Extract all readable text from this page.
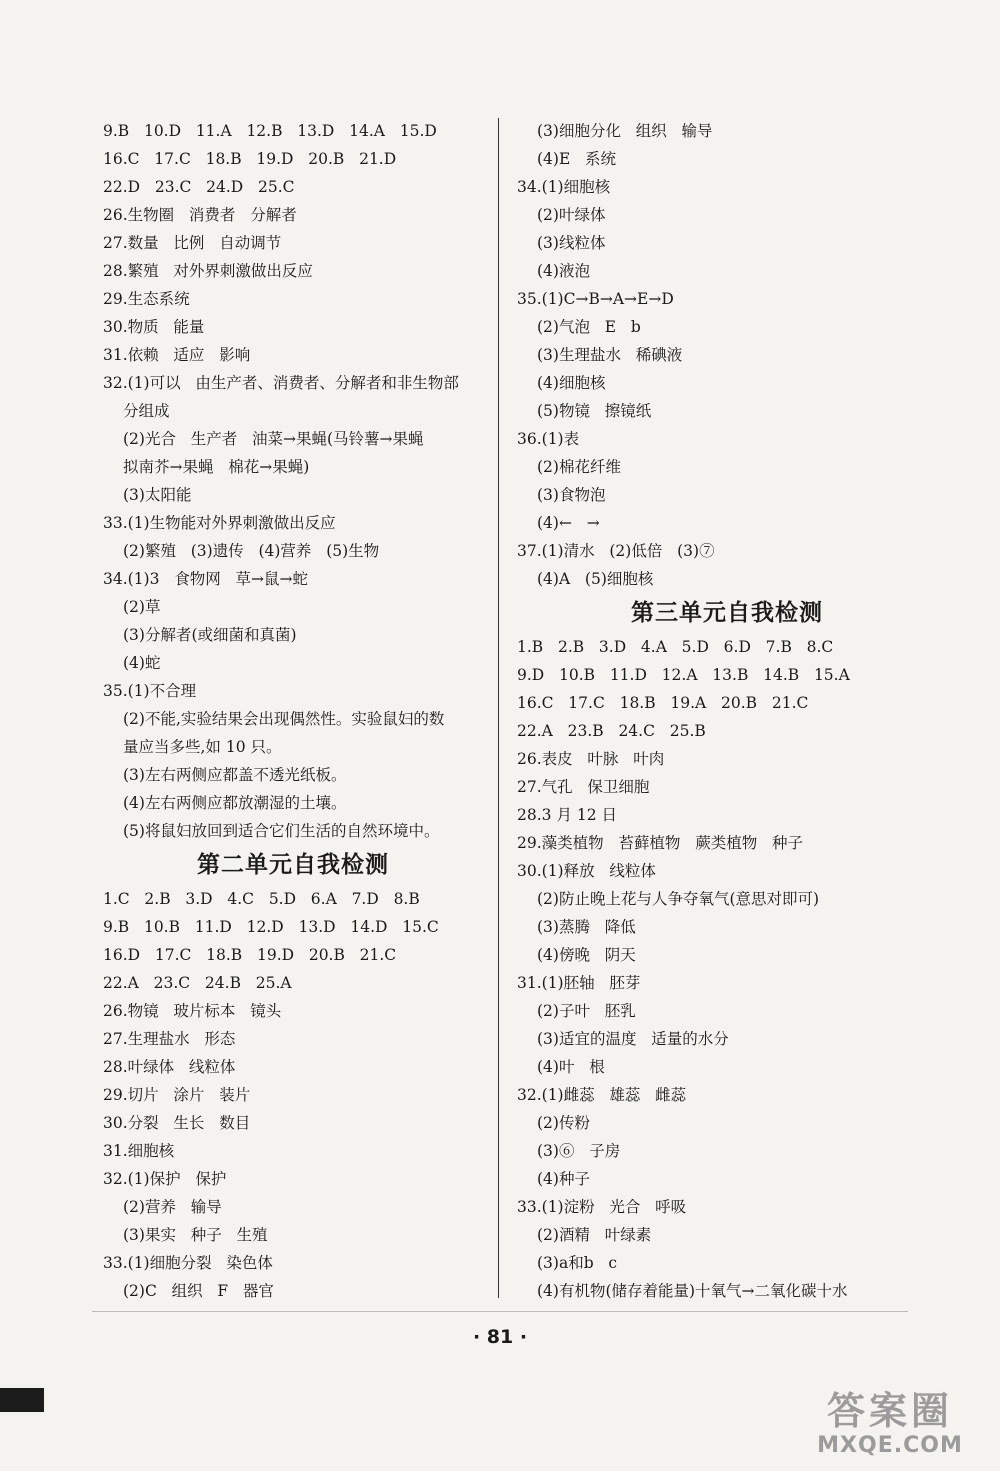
9.B   10.D   11.A   12.B   13.D   14.A   15.D
16.C   17.C   18.B   19.D   20.B   21.D
22.D   23.C   24.D   25.C
26.生物圈   消费者   分解者
27.数量   比例   自动调节
28.繁殖   对外界刺激做出反应
29.生态系统
30.物质   能量
31.依赖   适应   影响
32.(1)可以   由生产者、消费者、分解者和非生物部
分组成
(2)光合   生产者   油菜→果蝇(马铃薯→果蝇
拟南芥→果蝇   棉花→果蝇)
(3)太阳能
33.(1)生物能对外界刺激做出反应
(2)繁殖   (3)遗传   (4)营养   (5)生物
34.(1)3   食物网   草→鼠→蛇
(2)草
(3)分解者(或细菌和真菌)
(4)蛇
35.(1)不合理
(2)不能,实验结果会出现偶然性。实验鼠妇的数
量应当多些,如 10 只。
(3)左右两侧应都盖不透光纸板。
(4)左右两侧应都放潮湿的土壤。
(5)将鼠妇放回到适合它们生活的自然环境中。
第二单元自我检测
1.C   2.B   3.D   4.C   5.D   6.A   7.D   8.B
9.B   10.B   11.D   12.D   13.D   14.D   15.C
16.D   17.C   18.B   19.D   20.B   21.C
22.A   23.C   24.B   25.A
26.物镜   玻片标本   镜头
27.生理盐水   形态
28.叶绿体   线粒体
29.切片   涂片   装片
30.分裂   生长   数目
31.细胞核
32.(1)保护   保护
(2)营养   输导
(3)果实   种子   生殖
33.(1)细胞分裂   染色体
(2)C   组织   F   器官
(3)细胞分化   组织   输导
(4)E   系统
34.(1)细胞核
(2)叶绿体
(3)线粒体
(4)液泡
35.(1)C→B→A→E→D
(2)气泡   E   b
(3)生理盐水   稀碘液
(4)细胞核
(5)物镜   擦镜纸
36.(1)表
(2)棉花纤维
(3)食物泡
(4)←   →
37.(1)清水   (2)低倍   (3)⑦
(4)A   (5)细胞核
第三单元自我检测
1.B   2.B   3.D   4.A   5.D   6.D   7.B   8.C
9.D   10.B   11.D   12.A   13.B   14.B   15.A
16.C   17.C   18.B   19.A   20.B   21.C
22.A   23.B   24.C   25.B
26.表皮   叶脉   叶肉
27.气孔   保卫细胞
28.3 月 12 日
29.藻类植物   苔藓植物   蕨类植物   种子
30.(1)释放   线粒体
(2)防止晚上花与人争夺氧气(意思对即可)
(3)蒸腾   降低
(4)傍晚   阴天
31.(1)胚轴   胚芽
(2)子叶   胚乳
(3)适宜的温度   适量的水分
(4)叶   根
32.(1)雌蕊   雄蕊   雌蕊
(2)传粉
(3)⑥   子房
(4)种子
33.(1)淀粉   光合   呼吸
(2)酒精   叶绿素
(3)a和b   c
(4)有机物(储存着能量)十氧气→二氧化碳十水
· 81 ·
答案圈
MXQE.COM
